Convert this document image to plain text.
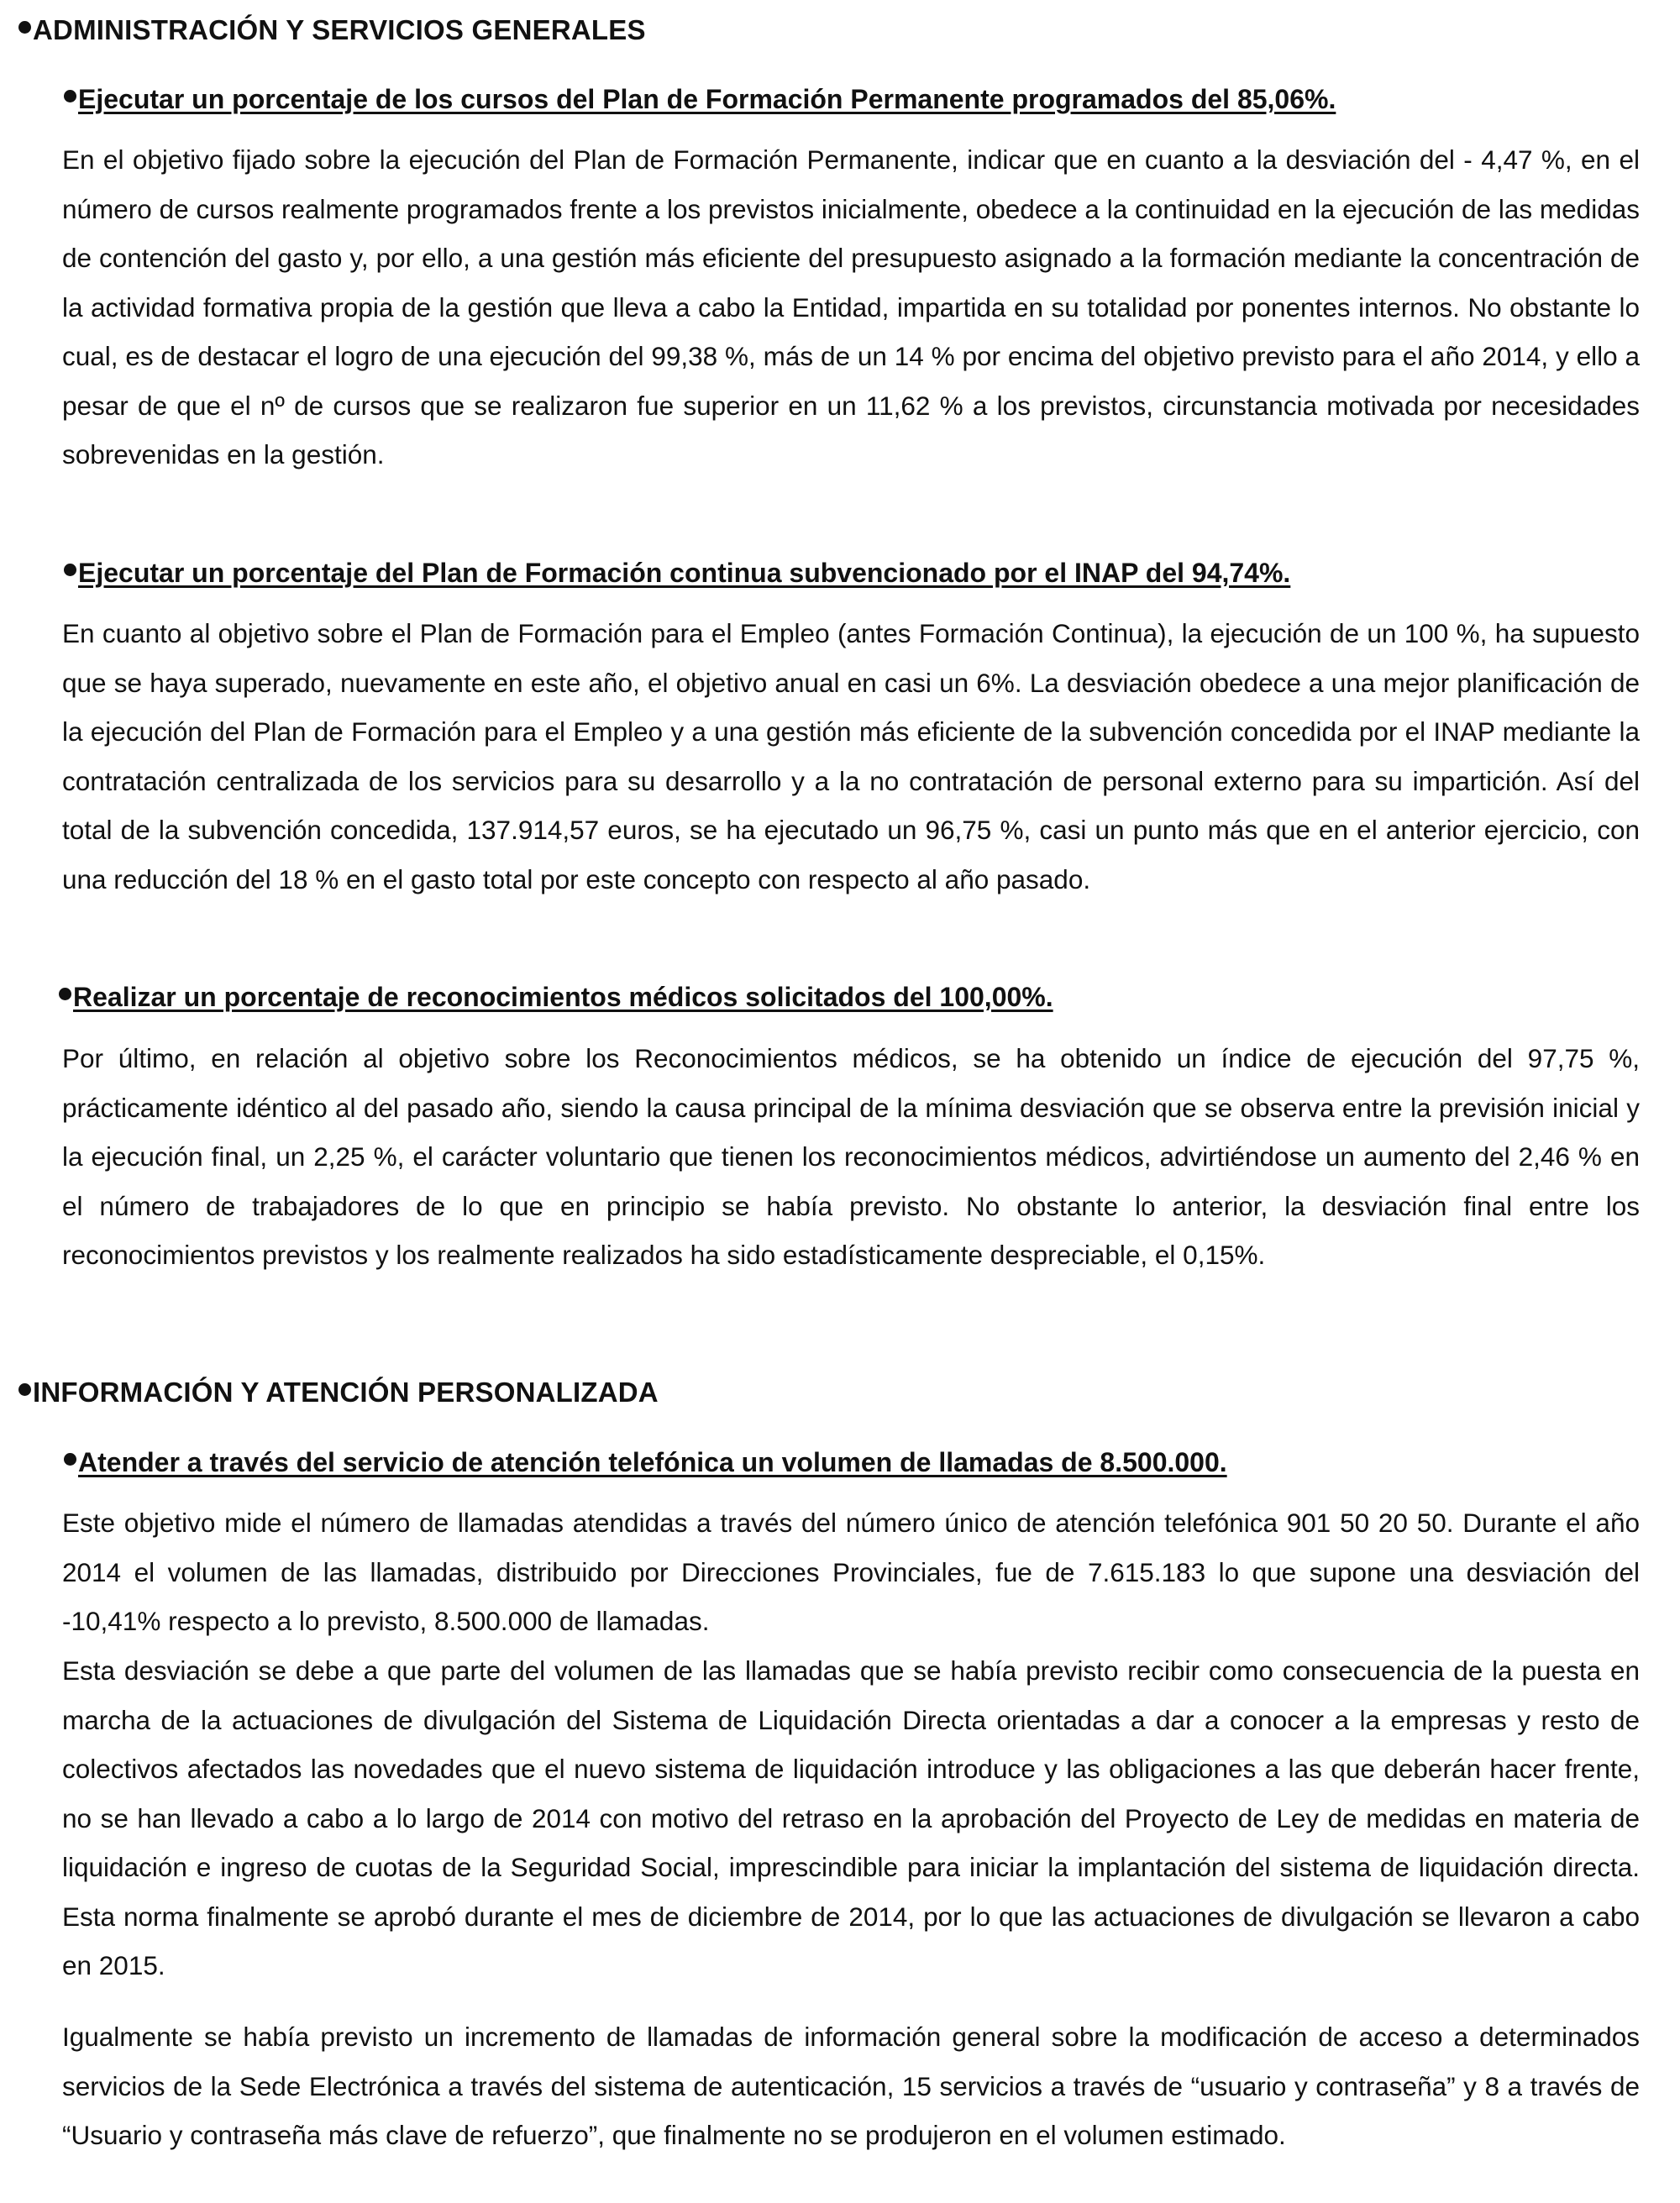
ADMINISTRACIÓN Y SERVICIOS GENERALES
Ejecutar un porcentaje de los cursos del Plan de Formación Permanente programados del 85,06%.

En el objetivo fijado sobre la ejecución del Plan de Formación Permanente, indicar que en cuanto a la desviación del - 4,47 %, en el número de cursos realmente programados frente a los previstos inicialmente, obedece a la continuidad en la ejecución de las medidas de contención del gasto y, por ello, a una gestión más eficiente del presupuesto asignado a la formación mediante la concentración de la actividad formativa propia de la gestión que lleva a cabo la Entidad, impartida en su totalidad por ponentes internos. No obstante lo cual, es de destacar el logro de una ejecución del 99,38 %, más de un 14 % por encima del objetivo previsto para el año 2014, y ello a pesar de que el nº de cursos que se realizaron fue superior en un 11,62 % a los previstos, circunstancia motivada por necesidades sobrevenidas en la gestión.

Ejecutar un porcentaje del Plan de Formación continua subvencionado por el INAP del 94,74%.

En cuanto al objetivo sobre el Plan de Formación para el Empleo (antes Formación Continua), la ejecución de un 100 %, ha supuesto que se haya superado, nuevamente en este año, el objetivo anual en casi un 6%. La desviación obedece a una mejor planificación de la ejecución del Plan de Formación para el Empleo y a una gestión más eficiente de la subvención concedida por el INAP mediante la contratación centralizada de los servicios para su desarrollo y a la no contratación de personal externo para su impartición. Así del total de la subvención concedida, 137.914,57 euros, se ha ejecutado un 96,75 %, casi un punto más que en el anterior ejercicio, con una reducción del 18 % en el gasto total por este concepto con respecto al año pasado.

Realizar un porcentaje de reconocimientos médicos solicitados del 100,00%.

Por último, en relación al objetivo sobre los Reconocimientos médicos, se ha obtenido un índice de ejecución del 97,75 %, prácticamente idéntico al del pasado año, siendo la causa principal de la mínima desviación que se observa entre la previsión inicial y la ejecución final, un 2,25 %, el carácter voluntario que tienen los reconocimientos médicos, advirtiéndose un aumento del 2,46 % en el número de trabajadores de lo que en principio se había previsto. No obstante lo anterior, la desviación final entre los reconocimientos previstos y los realmente realizados ha sido estadísticamente despreciable, el 0,15%.

INFORMACIÓN Y ATENCIÓN PERSONALIZADA
Atender a través del servicio de atención telefónica un volumen de llamadas de 8.500.000.

Este objetivo mide el número de llamadas atendidas a través del número único de atención telefónica 901 50 20 50. Durante el año 2014 el volumen de las llamadas, distribuido por Direcciones Provinciales, fue de 7.615.183 lo que supone una desviación del -10,41% respecto a lo previsto, 8.500.000 de llamadas.

Esta desviación se debe a que parte del volumen de las llamadas que se había previsto recibir como consecuencia de la puesta en marcha de la actuaciones de divulgación del Sistema de Liquidación Directa orientadas a dar a conocer a la empresas y resto de colectivos afectados las novedades que el nuevo sistema de liquidación introduce y las obligaciones a las que deberán hacer frente, no se han llevado a cabo a lo largo de 2014 con motivo del retraso en la aprobación del Proyecto de Ley de medidas en materia de liquidación e ingreso de cuotas de la Seguridad Social, imprescindible para iniciar la implantación del sistema de liquidación directa. Esta norma finalmente se aprobó durante el mes de diciembre de 2014, por lo que las actuaciones de divulgación se llevaron a cabo en 2015.

Igualmente se había previsto un incremento de llamadas de información general sobre la modificación de acceso a determinados servicios de la Sede Electrónica a través del sistema de autenticación, 15 servicios a través de “usuario y contraseña” y 8 a través de “Usuario y contraseña más clave de refuerzo”, que finalmente no se produjeron en el volumen estimado.
